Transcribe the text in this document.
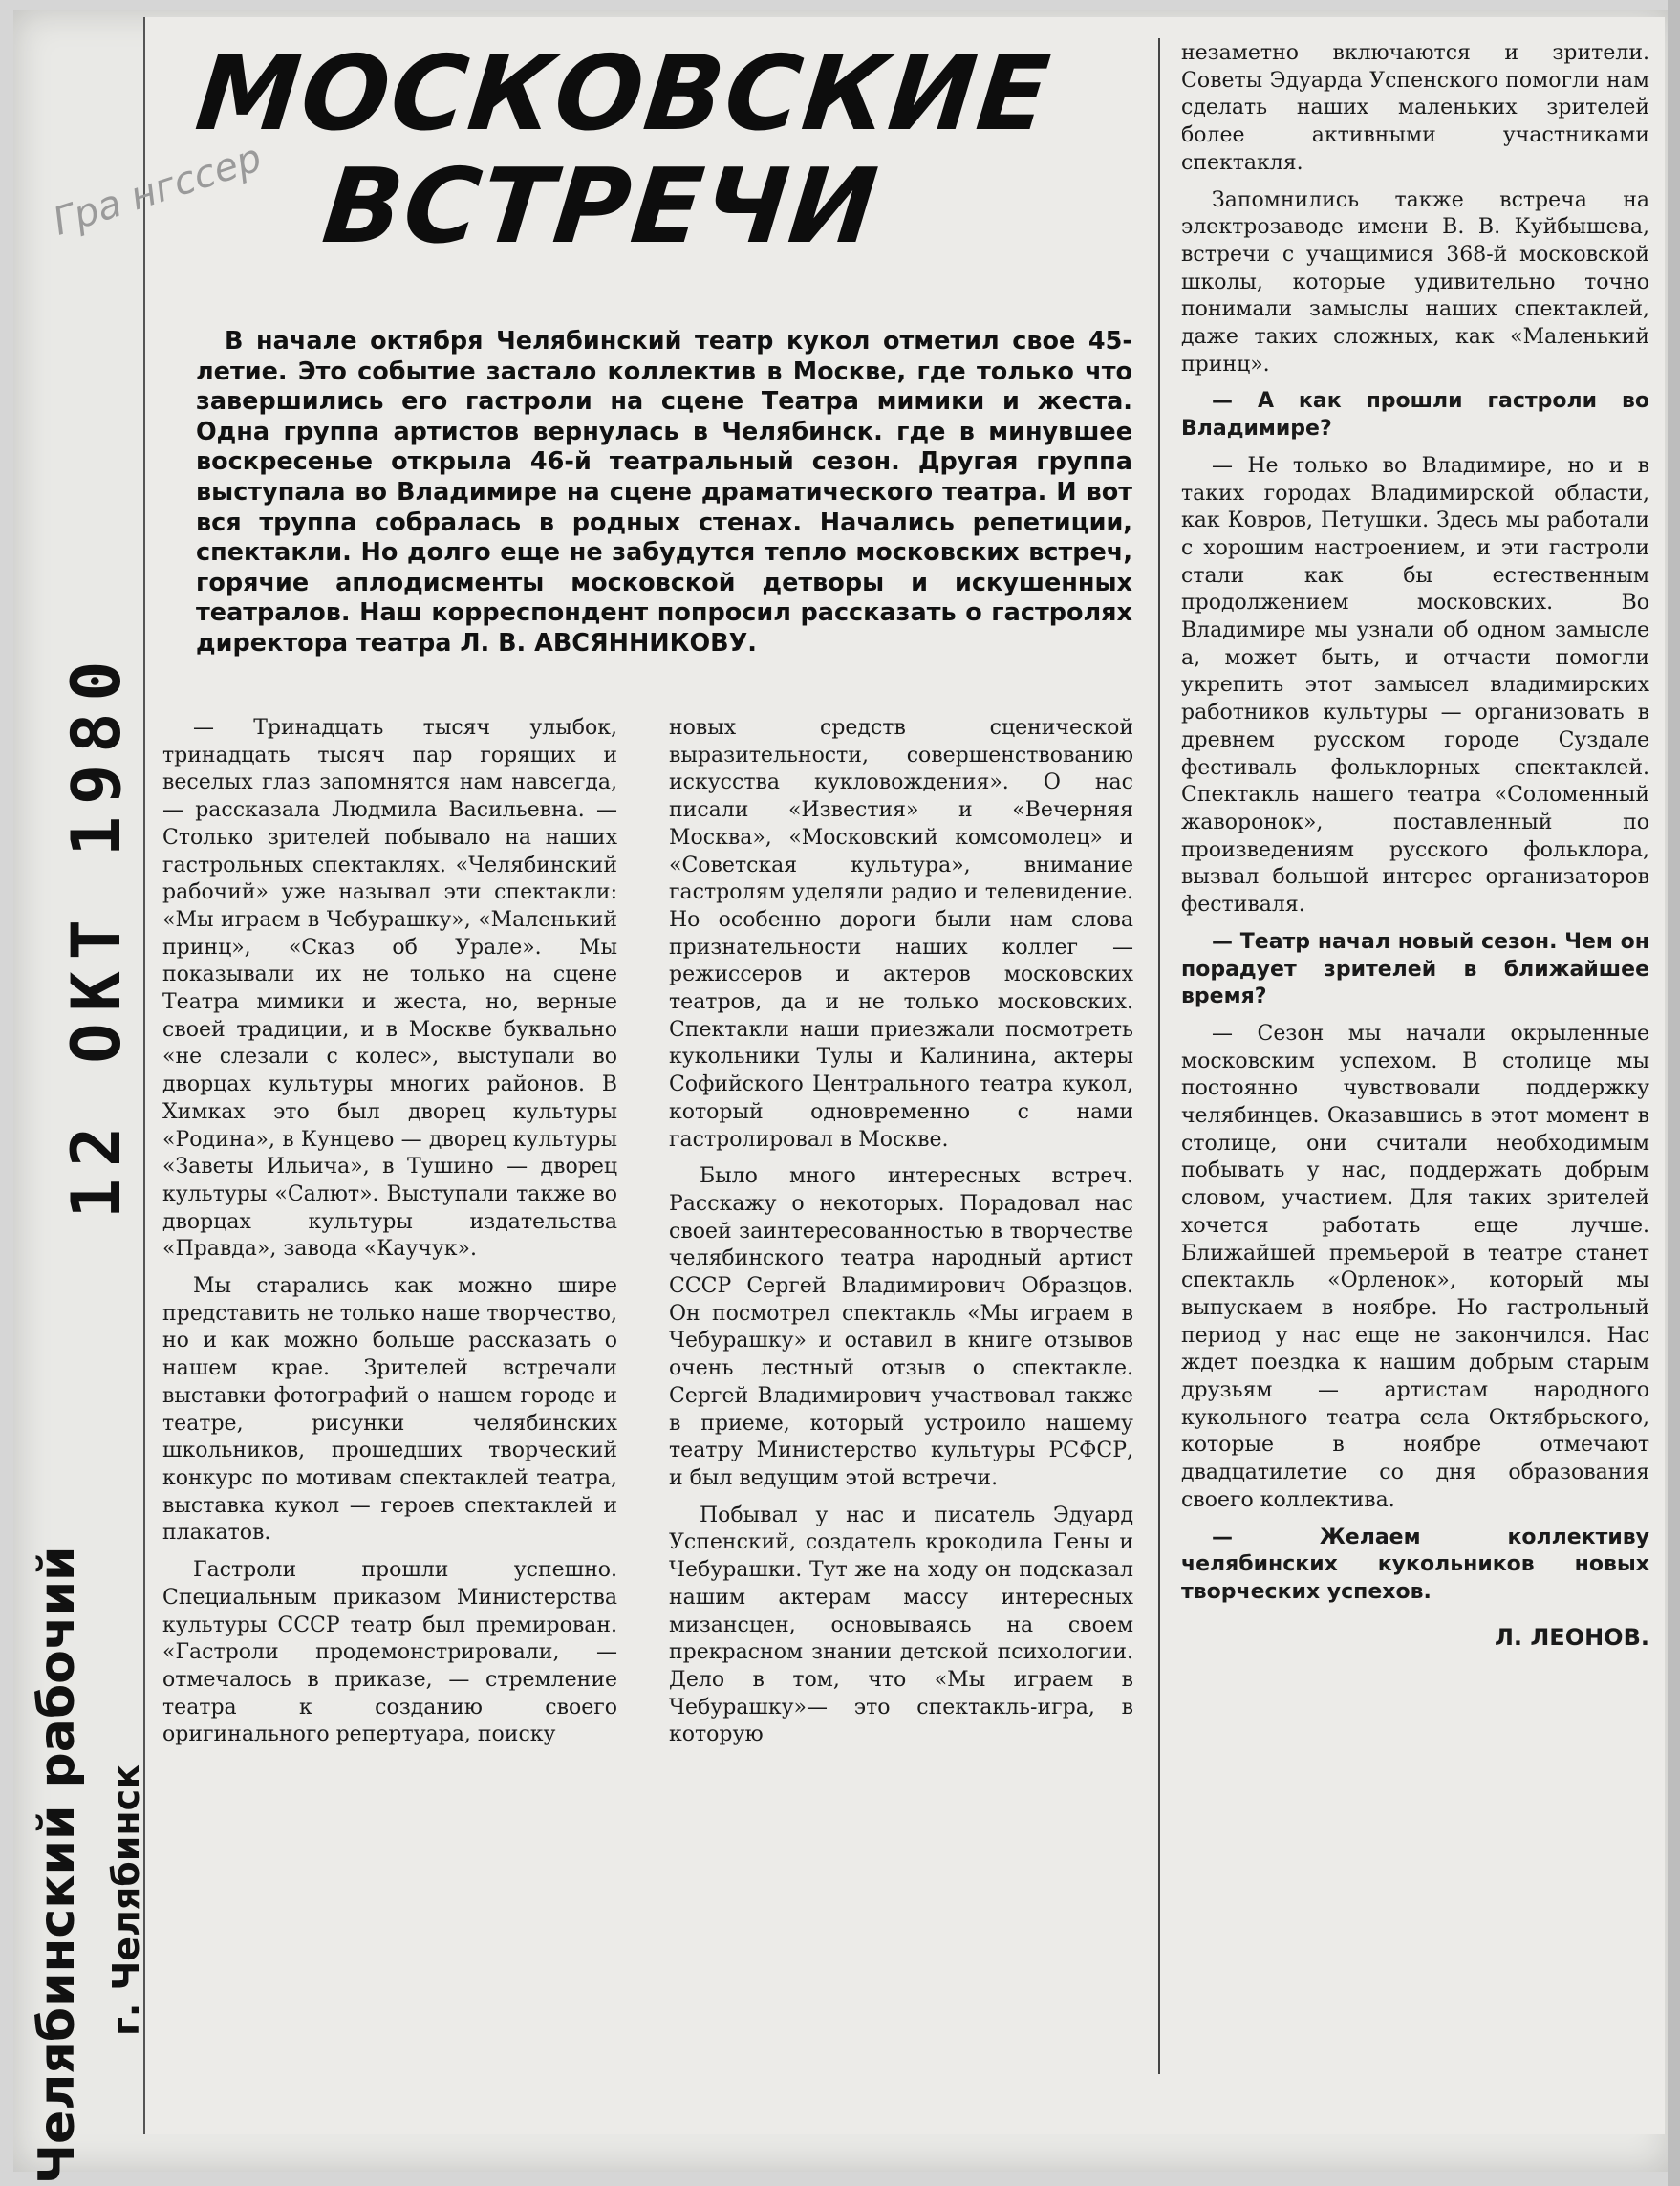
Гра нгссер
МОСКОВСКИЕ
ВСТРЕЧИ

В начале октября Челябинский театр кукол отметил свое 45-летие. Это событие застало коллектив в Москве, где только что завершились его гастроли на сцене Театра мимики и жеста. Одна группа артистов вернулась в Челябинск. где в минувшее воскресенье открыла 46-й театральный сезон. Другая группа выступала во Владимире на сцене драматического театра. И вот вся труппа собралась в родных стенах. Начались репетиции, спектакли. Но долго еще не забудутся тепло московских встреч, горячие аплодисменты московской детворы и искушенных театралов. Наш корреспондент попросил рассказать о гастролях директора театра Л. В. АВСЯННИКОВУ.

— Тринадцать тысяч улыбок, тринадцать тысяч пар горящих и веселых глаз запомнятся нам навсегда, — рассказала Людмила Васильевна. — Столько зрителей побывало на наших гастрольных спектаклях. «Челябинский рабочий» уже называл эти спектакли: «Мы играем в Чебурашку», «Маленький принц», «Сказ об Урале». Мы показывали их не только на сцене Театра мимики и жеста, но, верные своей традиции, и в Москве буквально «не слезали с колес», выступали во дворцах культуры многих районов. В Химках это был дворец культуры «Родина», в Кунцево — дворец культуры «Заветы Ильича», в Тушино — дворец культуры «Салют». Выступали также во дворцах культуры издательства «Правда», завода «Каучук».

Мы старались как можно шире представить не только наше творчество, но и как можно больше рассказать о нашем крае. Зрителей встречали выставки фотографий о нашем городе и театре, рисунки челябинских школьников, прошедших творческий конкурс по мотивам спектаклей театра, выставка кукол — героев спектаклей и плакатов.

Гастроли прошли успешно. Специальным приказом Министерства культуры СССР театр был премирован. «Гастроли продемонстрировали, — отмечалось в приказе, — стремление театра к созданию своего оригинального репертуара, поиску

новых средств сценической выразительности, совершенствованию искусства кукловождения». О нас писали «Известия» и «Вечерняя Москва», «Московский комсомолец» и «Советская культура», внимание гастролям уделяли радио и телевидение. Но особенно дороги были нам слова признательности наших коллег — режиссеров и актеров московских театров, да и не только московских. Спектакли наши приезжали посмотреть кукольники Тулы и Калинина, актеры Софийского Центрального театра кукол, который одновременно с нами гастролировал в Москве.

Было много интересных встреч. Расскажу о некоторых. Порадовал нас своей заинтересованностью в творчестве челябинского театра народный артист СССР Сергей Владимирович Образцов. Он посмотрел спектакль «Мы играем в Чебурашку» и оставил в книге отзывов очень лестный отзыв о спектакле. Сергей Владимирович участвовал также в приеме, который устроило нашему театру Министерство культуры РСФСР, и был ведущим этой встречи.

Побывал у нас и писатель Эдуард Успенский, создатель крокодила Гены и Чебурашки. Тут же на ходу он подсказал нашим актерам массу интересных мизансцен, основываясь на своем прекрасном знании детской психологии. Дело в том, что «Мы играем в Чебурашку»— это спектакль-игра, в которую

незаметно включаются и зрители. Советы Эдуарда Успенского помогли нам сделать наших маленьких зрителей более активными участниками спектакля.

Запомнились также встреча на электрозаводе имени В. В. Куйбышева, встречи с учащимися 368-й московской школы, которые удивительно точно понимали замыслы наших спектаклей, даже таких сложных, как «Маленький принц».

— А как прошли гастроли во Владимире?

— Не только во Владимире, но и в таких городах Владимирской области, как Ковров, Петушки. Здесь мы работали с хорошим настроением, и эти гастроли стали как бы естественным продолжением московских. Во Владимире мы узнали об одном замысле а, может быть, и отчасти помогли укрепить этот замысел владимирских работников культуры — организовать в древнем русском городе Суздале фестиваль фольклорных спектаклей. Спектакль нашего театра «Соломенный жаворонок», поставленный по произведениям русского фольклора, вызвал большой интерес организаторов фестиваля.

— Театр начал новый сезон. Чем он порадует зрителей в ближайшее время?

— Сезон мы начали окрыленные московским успехом. В столице мы постоянно чувствовали поддержку челябинцев. Оказавшись в этот момент в столице, они считали необходимым побывать у нас, поддержать добрым словом, участием. Для таких зрителей хочется работать еще лучше. Ближайшей премьерой в театре станет спектакль «Орленок», который мы выпускаем в ноябре. Но гастрольный период у нас еще не закончился. Нас ждет поездка к нашим добрым старым друзьям — артистам народного кукольного театра села Октябрьского, которые в ноябре отмечают двадцатилетие со дня образования своего коллектива.

— Желаем коллективу челябинских кукольников новых творческих успехов.

Л. ЛЕОНОВ.
12 ОКТ 1980
Челябинский рабочий г. Челябинск
